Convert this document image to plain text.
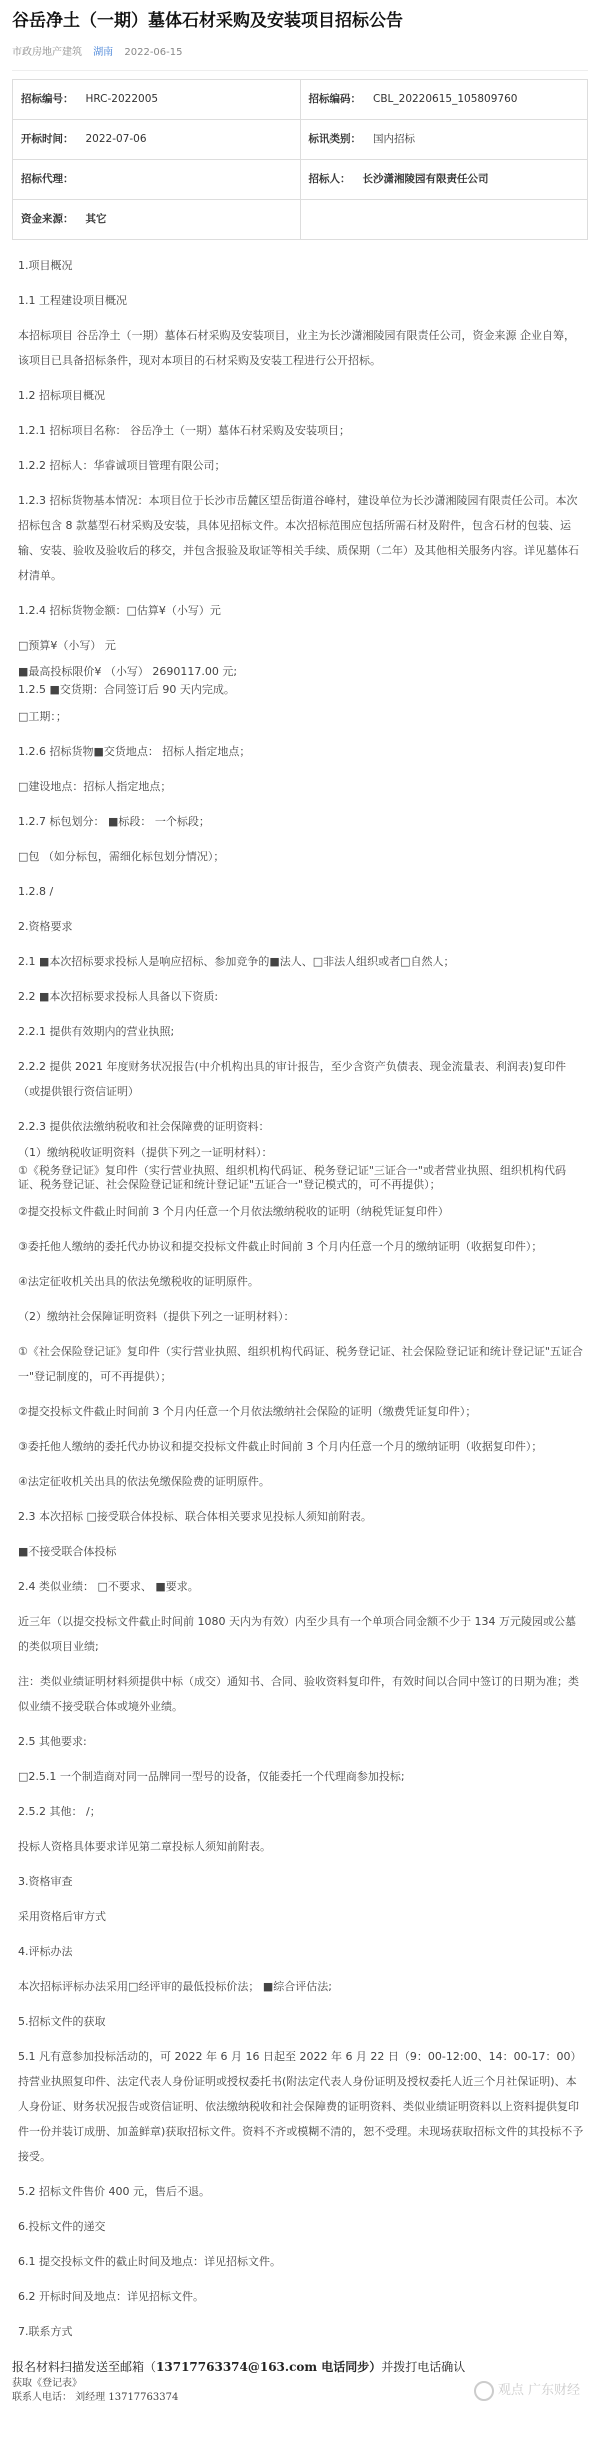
谷岳净土（一期）墓体石材采购及安装项目招标公告
市政房地产建筑 湖南 2022-06-15
招标编号： HRC-2022005	招标编码： CBL_20220615_105809760
开标时间： 2022-07-06	标讯类别： 国内招标
招标代理：	招标人： 长沙潇湘陵园有限责任公司
资金来源： 其它	

1.项目概况

1.1 工程建设项目概况

本招标项目 谷岳净土（一期）墓体石材采购及安装项目，业主为长沙潇湘陵园有限责任公司，资金来源 企业自筹，该项目已具备招标条件，现对本项目的石材采购及安装工程进行公开招标。

1.2 招标项目概况

1.2.1 招标项目名称： 谷岳净土（一期）墓体石材采购及安装项目；

1.2.2 招标人：华睿诚项目管理有限公司；

1.2.3 招标货物基本情况：本项目位于长沙市岳麓区望岳街道谷峰村，建设单位为长沙潇湘陵园有限责任公司。本次招标包含 8 款墓型石材采购及安装，具体见招标文件。本次招标范围应包括所需石材及附件，包含石材的包装、运输、安装、验收及验收后的移交，并包含报验及取证等相关手续、质保期（二年）及其他相关服务内容。详见墓体石材清单。

1.2.4 招标货物金额：□估算¥（小写）元

□预算¥（小写） 元

■最高投标限价¥ （小写） 2690117.00 元;

1.2.5 ■交货期：合同签订后 90 天内完成。

□工期：；

1.2.6 招标货物■交货地点： 招标人指定地点；

□建设地点：招标人指定地点；

1.2.7 标包划分： ■标段： 一个标段；

□包 （如分标包，需细化标包划分情况）；

1.2.8 /

2.资格要求

2.1 ■本次招标要求投标人是响应招标、参加竞争的■法人、□非法人组织或者□自然人；

2.2 ■本次招标要求投标人具备以下资质:

2.2.1 提供有效期内的营业执照;

2.2.2 提供 2021 年度财务状况报告(中介机构出具的审计报告，至少含资产负债表、现金流量表、利润表)复印件（或提供银行资信证明）

2.2.3 提供依法缴纳税收和社会保障费的证明资料：

（1）缴纳税收证明资料（提供下列之一证明材料）：

①《税务登记证》复印件（实行营业执照、组织机构代码证、税务登记证"三证合一"或者营业执照、组织机构代码证、税务登记证、社会保险登记证和统计登记证"五证合一"登记模式的，可不再提供）；

②提交投标文件截止时间前 3 个月内任意一个月依法缴纳税收的证明（纳税凭证复印件）

③委托他人缴纳的委托代办协议和提交投标文件截止时间前 3 个月内任意一个月的缴纳证明（收据复印件）；

④法定征收机关出具的依法免缴税收的证明原件。

（2）缴纳社会保障证明资料（提供下列之一证明材料）：

①《社会保险登记证》复印件（实行营业执照、组织机构代码证、税务登记证、社会保险登记证和统计登记证"五证合一"登记制度的，可不再提供）；

②提交投标文件截止时间前 3 个月内任意一个月依法缴纳社会保险的证明（缴费凭证复印件）；

③委托他人缴纳的委托代办协议和提交投标文件截止时间前 3 个月内任意一个月的缴纳证明（收据复印件）；

④法定征收机关出具的依法免缴保险费的证明原件。

2.3 本次招标 □接受联合体投标、联合体相关要求见投标人须知前附表。

■不接受联合体投标

2.4 类似业绩： □不要求、 ■要求。

近三年（以提交投标文件截止时间前 1080 天内为有效）内至少具有一个单项合同金额不少于 134 万元陵园或公墓的类似项目业绩;

注：类似业绩证明材料须提供中标（成交）通知书、合同、验收资料复印件，有效时间以合同中签订的日期为准；类似业绩不接受联合体或境外业绩。

2.5 其他要求:

□2.5.1 一个制造商对同一品牌同一型号的设备，仅能委托一个代理商参加投标;

2.5.2 其他： /；

投标人资格具体要求详见第二章投标人须知前附表。

3.资格审查

采用资格后审方式

4.评标办法

本次招标评标办法采用□经评审的最低投标价法； ■综合评估法;

5.招标文件的获取

5.1 凡有意参加投标活动的，可 2022 年 6 月 16 日起至 2022 年 6 月 22 日（9：00-12:00、14：00-17：00）持营业执照复印件、法定代表人身份证明或授权委托书(附法定代表人身份证明及授权委托人近三个月社保证明)、本人身份证、财务状况报告或资信证明、依法缴纳税收和社会保障费的证明资料、类似业绩证明资料以上资料提供复印件一份并装订成册、加盖鲜章)获取招标文件。资料不齐或模糊不清的，恕不受理。未现场获取招标文件的其投标不予接受。

5.2 招标文件售价 400 元，售后不退。

6.投标文件的递交

6.1 提交投标文件的截止时间及地点：详见招标文件。

6.2 开标时间及地点：详见招标文件。

7.联系方式

报名材料扫描发送至邮箱（13717763374@163.com 电话同步）并拨打电话确认
获取《登记表》
联系人电话： 刘经理 13717763374	观点 广东财经
